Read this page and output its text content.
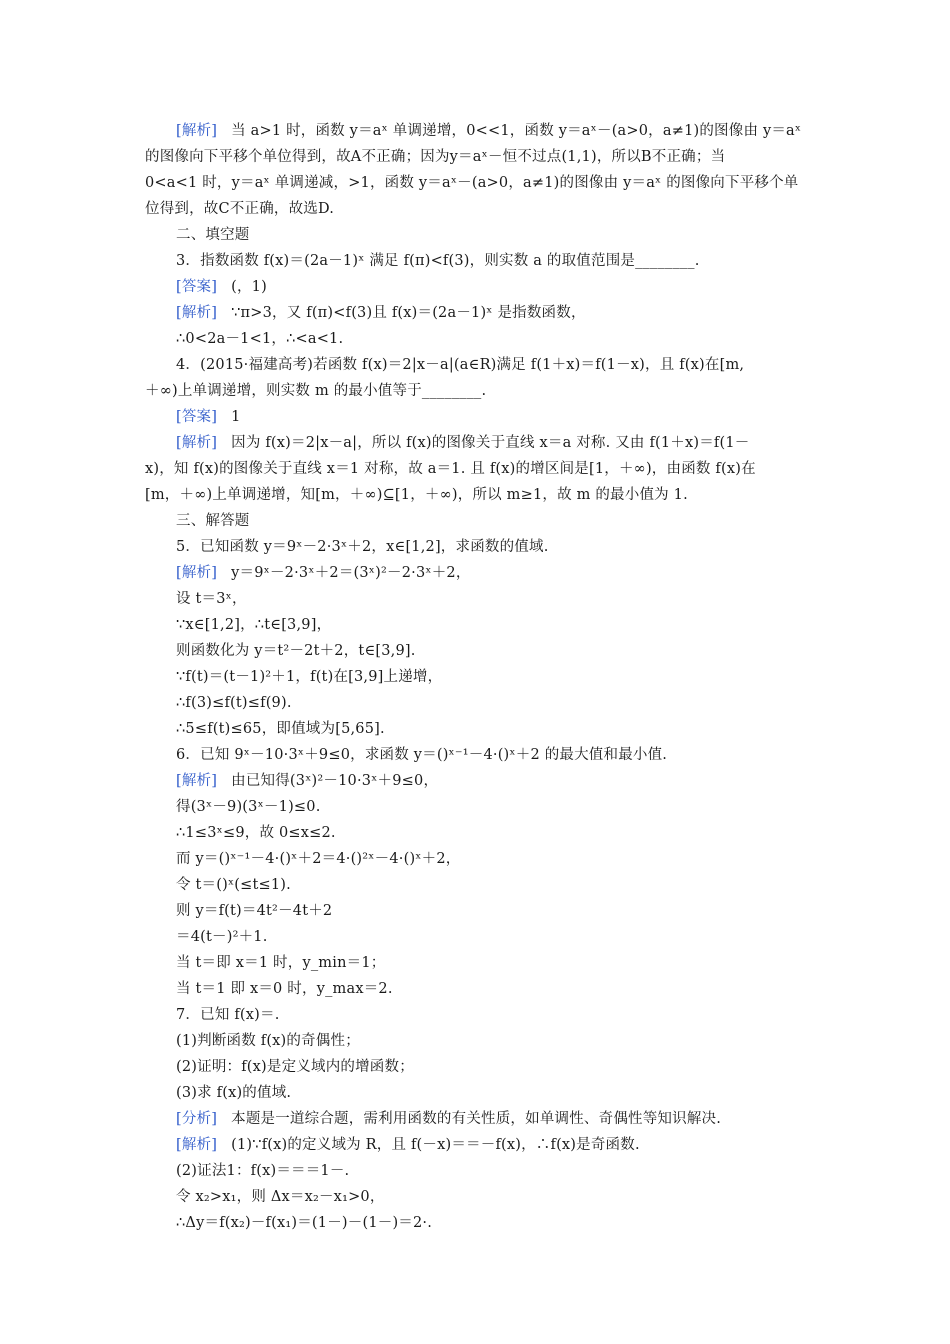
[解析] 当 a>1 时，函数 y＝aˣ 单调递增，0<<1，函数 y＝aˣ－(a>0，a≠1)的图像由 y＝aˣ
的图像向下平移个单位得到，故A不正确；因为y＝aˣ－恒不过点(1,1)，所以B不正确；当
0<a<1 时，y＝aˣ 单调递减，>1，函数 y＝aˣ－(a>0，a≠1)的图像由 y＝aˣ 的图像向下平移个单
位得到，故C不正确，故选D.
二、填空题
3．指数函数 f(x)＝(2a－1)ˣ 满足 f(π)<f(3)，则实数 a 的取值范围是________.
[答案] (，1)
[解析] ∵π>3，又 f(π)<f(3)且 f(x)＝(2a－1)ˣ 是指数函数，
∴0<2a－1<1，∴<a<1.
4．(2015·福建高考)若函数 f(x)＝2|x－a|(a∈R)满足 f(1＋x)＝f(1－x)，且 f(x)在[m,
＋∞)上单调递增，则实数 m 的最小值等于________.
[答案] 1
[解析] 因为 f(x)＝2|x－a|，所以 f(x)的图像关于直线 x＝a 对称. 又由 f(1＋x)＝f(1－
x)，知 f(x)的图像关于直线 x＝1 对称，故 a＝1. 且 f(x)的增区间是[1，＋∞)，由函数 f(x)在
[m，＋∞)上单调递增，知[m，＋∞)⊆[1，＋∞)，所以 m≥1，故 m 的最小值为 1.
三、解答题
5．已知函数 y＝9ˣ－2·3ˣ＋2，x∈[1,2]，求函数的值域.
[解析] y＝9ˣ－2·3ˣ＋2＝(3ˣ)²－2·3ˣ＋2，
设 t＝3ˣ，
∵x∈[1,2]，∴t∈[3,9]，
则函数化为 y＝t²－2t＋2，t∈[3,9].
∵f(t)＝(t－1)²＋1，f(t)在[3,9]上递增，
∴f(3)≤f(t)≤f(9).
∴5≤f(t)≤65，即值域为[5,65].
6．已知 9ˣ－10·3ˣ＋9≤0，求函数 y＝()ˣ⁻¹－4·()ˣ＋2 的最大值和最小值.
[解析] 由已知得(3ˣ)²－10·3ˣ＋9≤0，
得(3ˣ－9)(3ˣ－1)≤0.
∴1≤3ˣ≤9，故 0≤x≤2.
而 y＝()ˣ⁻¹－4·()ˣ＋2＝4·()²ˣ－4·()ˣ＋2，
令 t＝()ˣ(≤t≤1).
则 y＝f(t)＝4t²－4t＋2
＝4(t－)²＋1.
当 t＝即 x＝1 时，y_min＝1；
当 t＝1 即 x＝0 时，y_max＝2.
7．已知 f(x)＝.
(1)判断函数 f(x)的奇偶性；
(2)证明：f(x)是定义域内的增函数；
(3)求 f(x)的值域.
[分析] 本题是一道综合题，需利用函数的有关性质，如单调性、奇偶性等知识解决.
[解析] (1)∵f(x)的定义域为 R，且 f(－x)＝＝－f(x)，∴f(x)是奇函数.
(2)证法1：f(x)＝＝＝1－.
令 x₂>x₁，则 Δx＝x₂－x₁>0，
∴Δy＝f(x₂)－f(x₁)＝(1－)－(1－)＝2·.
